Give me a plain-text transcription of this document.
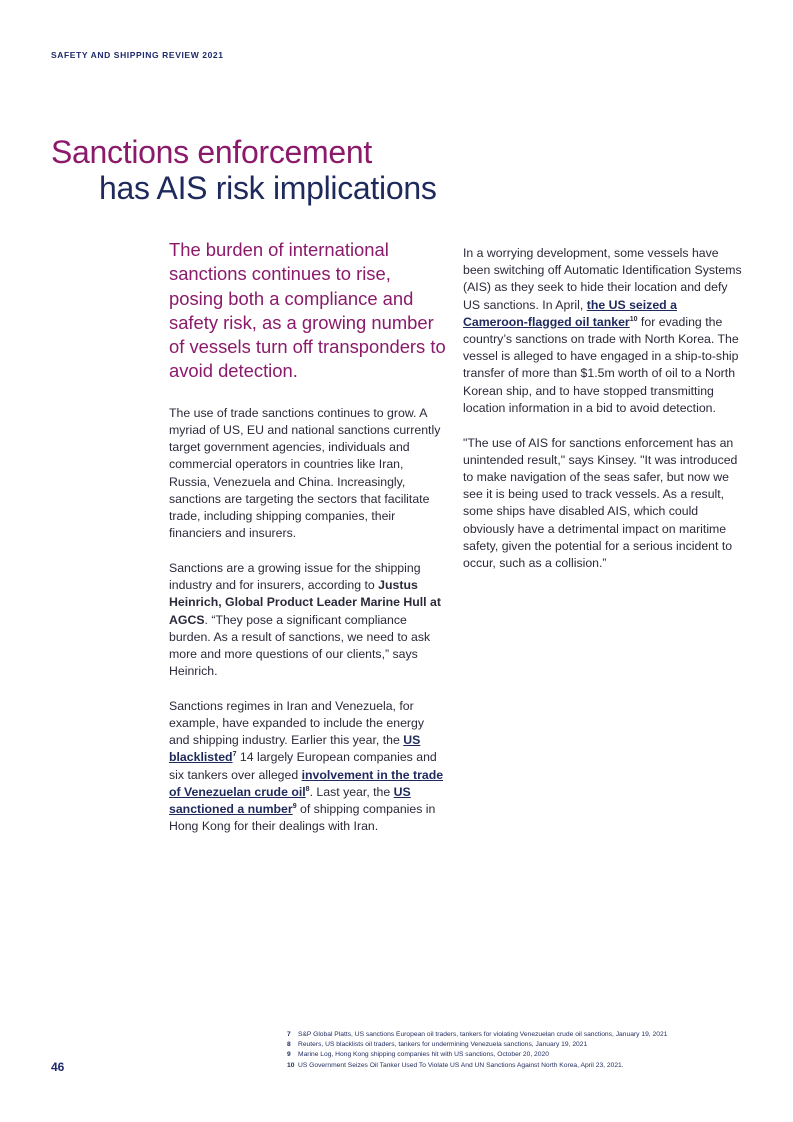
SAFETY AND SHIPPING REVIEW 2021
Sanctions enforcement
has AIS risk implications

The burden of international sanctions continues to rise, posing both a compliance and safety risk, as a growing number of vessels turn off transponders to avoid detection.

The use of trade sanctions continues to grow. A myriad of US, EU and national sanctions currently target government agencies, individuals and commercial operators in countries like Iran, Russia, Venezuela and China. Increasingly, sanctions are targeting the sectors that facilitate trade, including shipping companies, their financiers and insurers.

Sanctions are a growing issue for the shipping industry and for insurers, according to Justus Heinrich, Global Product Leader Marine Hull at AGCS. “They pose a significant compliance burden. As a result of sanctions, we need to ask more and more questions of our clients,” says Heinrich.

Sanctions regimes in Iran and Venezuela, for example, have expanded to include the energy and shipping industry. Earlier this year, the US blacklisted$^7$ 14 largely European companies and six tankers over alleged involvement in the trade of Venezuelan crude oil$^8$. Last year, the US sanctioned a number$^9$ of shipping companies in Hong Kong for their dealings with Iran.

In a worrying development, some vessels have been switching off Automatic Identification Systems (AIS) as they seek to hide their location and defy US sanctions. In April, the US seized a Cameroon-flagged oil tanker$^{10}$ for evading the country’s sanctions on trade with North Korea. The vessel is alleged to have engaged in a ship-to-ship transfer of more than $1.5m worth of oil to a North Korean ship, and to have stopped transmitting location information in a bid to avoid detection.

"The use of AIS for sanctions enforcement has an unintended result," says Kinsey. "It was introduced to make navigation of the seas safer, but now we see it is being used to track vessels. As a result, some ships have disabled AIS, which could obviously have a detrimental impact on maritime safety, given the potential for a serious incident to occur, such as a collision.”

7 S&P Global Platts, US sanctions European oil traders, tankers for violating Venezuelan crude oil sanctions, January 19, 2021
8 Reuters, US blacklists oil traders, tankers for undermining Venezuela sanctions, January 19, 2021
9 Marine Log, Hong Kong shipping companies hit with US sanctions, October 20, 2020
10 US Government Seizes Oil Tanker Used To Violate US And UN Sanctions Against North Korea, April 23, 2021.
46
